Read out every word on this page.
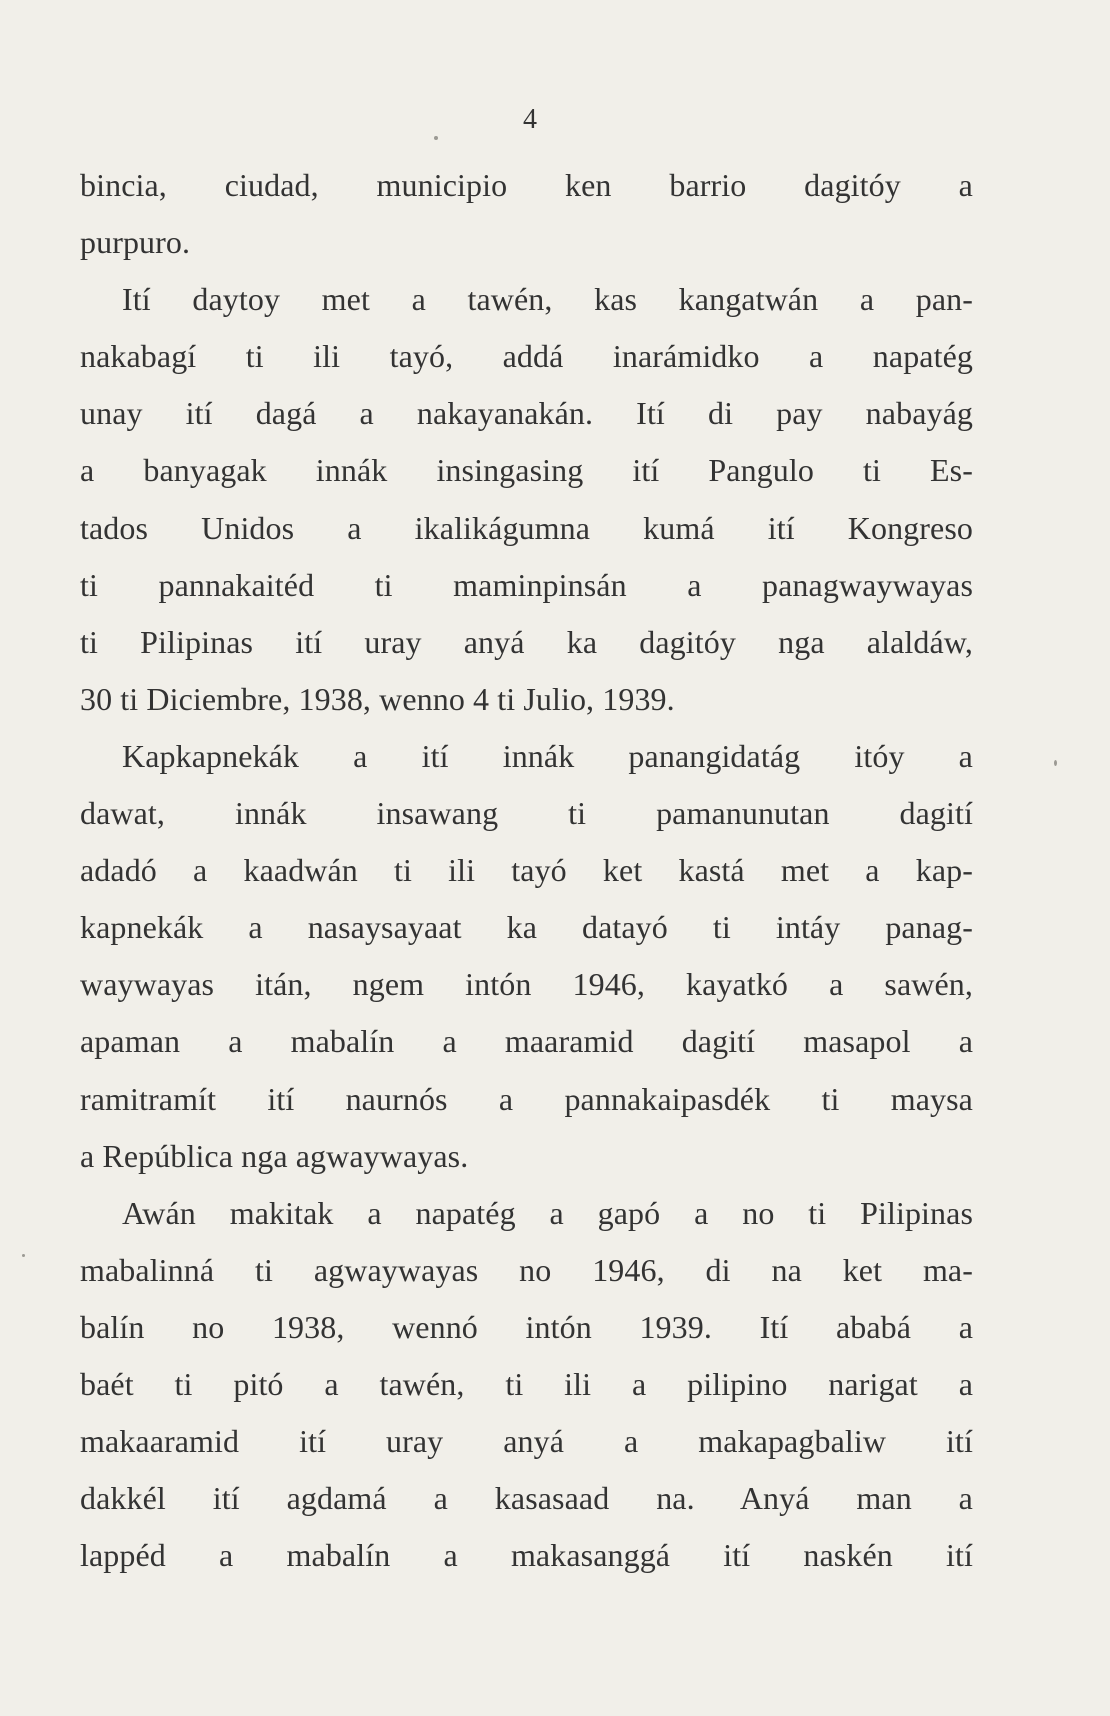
4
bincia, ciudad, municipio ken barrio dagitóy a
purpuro.
Ití daytoy met a tawén, kas kangatwán a pan-
nakabagí ti ili tayó, addá inarámidko a napatég
unay ití dagá a nakayanakán. Ití di pay nabayág
a banyagak innák insingasing ití Pangulo ti Es-
tados Unidos a ikalikágumna kumá ití Kongreso
ti pannakaitéd ti maminpinsán a panagwaywayas
ti Pilipinas ití uray anyá ka dagitóy nga alaldáw,
30 ti Diciembre, 1938, wenno 4 ti Julio, 1939.
Kapkapnekák a ití innák panangidatág itóy a
dawat, innák insawang ti pamanunutan dagití
adadó a kaadwán ti ili tayó ket kastá met a kap-
kapnekák a nasaysayaat ka datayó ti intáy panag-
waywayas itán, ngem intón 1946, kayatkó a sawén,
apaman a mabalín a maaramid dagití masapol a
ramitramít ití naurnós a pannakaipasdék ti maysa
a República nga agwaywayas.
Awán makitak a napatég a gapó a no ti Pilipinas
mabalinná ti agwaywayas no 1946, di na ket ma-
balín no 1938, wennó intón 1939. Ití ababá a
baét ti pitó a tawén, ti ili a pilipino narigat a
makaaramid ití uray anyá a makapagbaliw ití
dakkél ití agdamá a kasasaad na. Anyá man a
lappéd a mabalín a makasanggá ití naskén ití
